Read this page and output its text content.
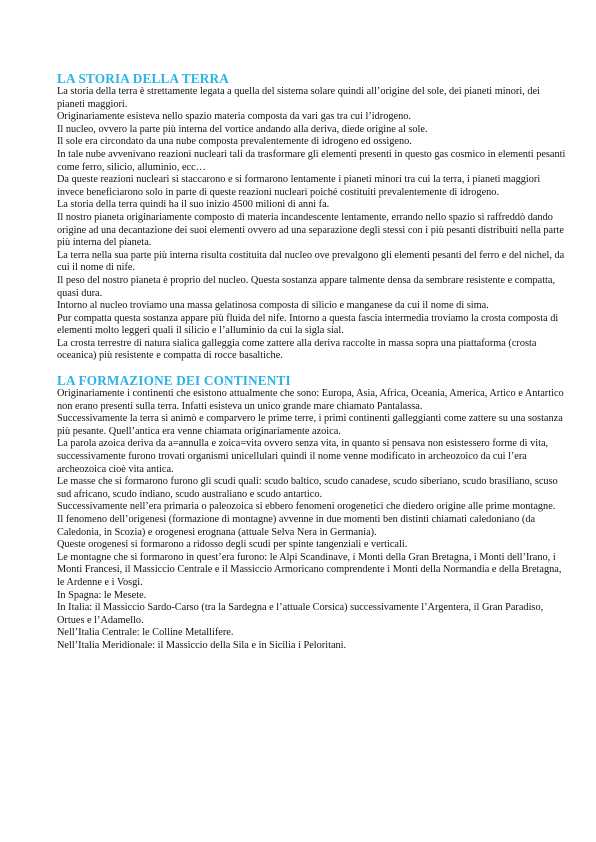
LA STORIA DELLA TERRA

La storia della terra è strettamente legata a quella del sistema solare quindi all’origine del sole, dei pianeti minori, dei pianeti maggiori.

Originariamente esisteva nello spazio materia composta da vari gas tra cui l’idrogeno.

Il nucleo, ovvero la parte più interna del vortice andando alla deriva, diede origine al sole.

Il sole era circondato da una nube composta prevalentemente di idrogeno ed ossigeno.

In tale nube avvenivano reazioni nucleari tali da trasformare gli elementi presenti in questo gas cosmico in elementi pesanti come ferro, silicio, alluminio, ecc…

Da queste reazioni nucleari si staccarono e si formarono lentamente i pianeti minori tra cui la terra, i pianeti maggiori invece beneficiarono solo in parte di queste reazioni nucleari poiché costituiti prevalentemente di idrogeno.

La storia della terra quindi ha il suo inizio 4500 milioni di anni fa.

Il nostro pianeta originariamente composto di materia incandescente lentamente, errando nello spazio si raffreddò dando origine ad una decantazione dei suoi elementi ovvero ad una separazione degli stessi con i più pesanti distribuiti nella parte più interna del pianeta.

La terra nella sua parte più interna risulta costituita dal nucleo ove prevalgono gli elementi pesanti del ferro e del nichel, da cui il nome di nife.

Il peso del nostro pianeta è proprio del nucleo. Questa sostanza appare talmente densa da sembrare resistente e compatta, quasi dura.

Intorno al nucleo troviamo una massa gelatinosa composta di silicio e manganese da cui il nome di sima.

Pur compatta questa sostanza appare più fluida del nife. Intorno a questa fascia intermedia troviamo la crosta composta di elementi molto leggeri quali il silicio e l’alluminio da cui la sigla sial.

La crosta terrestre di natura sialica galleggia come zattere alla deriva raccolte in massa sopra una piattaforma (crosta oceanica) più resistente e compatta di rocce basaltiche.

LA FORMAZIONE DEI CONTINENTI

Originariamente i continenti che esistono attualmente che sono: Europa, Asia, Africa, Oceania, America, Artico e Antartico non erano presenti sulla terra. Infatti esisteva un unico grande mare chiamato Pantalassa.

Successivamente la terra si animò e comparvero le prime terre, i primi continenti galleggianti come zattere su una sostanza più pesante. Quell’antica era venne chiamata originariamente azoica.

La parola azoica deriva da a=annulla e zoica=vita ovvero senza vita, in quanto si pensava non esistessero forme di vita, successivamente furono trovati organismi unicellulari quindi il nome venne modificato in archeozoico da cui l’era archeozoica cioè vita antica.

Le masse che si formarono furono gli scudi quali: scudo baltico, scudo canadese, scudo siberiano, scudo brasiliano, scuso sud africano, scudo indiano, scudo australiano e scudo antartico.

Successivamente nell’era primaria o paleozoica si ebbero fenomeni orogenetici che diedero origine alle prime montagne.

Il fenomeno dell’origenesi (formazione di montagne) avvenne in due momenti ben distinti chiamati caledoniano (da Caledonia, in Scozia) e orogenesi erognana (attuale Selva Nera in Germania).

Queste orogenesi si formarono a ridosso degli scudi per spinte tangenziali e verticali.

Le montagne che si formarono in quest’era furono: le Alpi Scandinave, i Monti della Gran Bretagna, i Monti dell’Irano, i Monti Francesi, il Massiccio Centrale e il Massiccio Armoricano comprendente i Monti della Normandia e della Bretagna, le Ardenne e i Vosgi.

In Spagna: le Mesete.

In Italia: il Massiccio Sardo-Carso (tra la Sardegna e l’attuale Corsica) successivamente l’Argentera, il Gran Paradiso, Ortues e l’Adamello.

Nell’Italia Centrale: le Colline Metallifere.

Nell’Italia Meridionale: il Massiccio della Sila e in Sicilia i Peloritani.
